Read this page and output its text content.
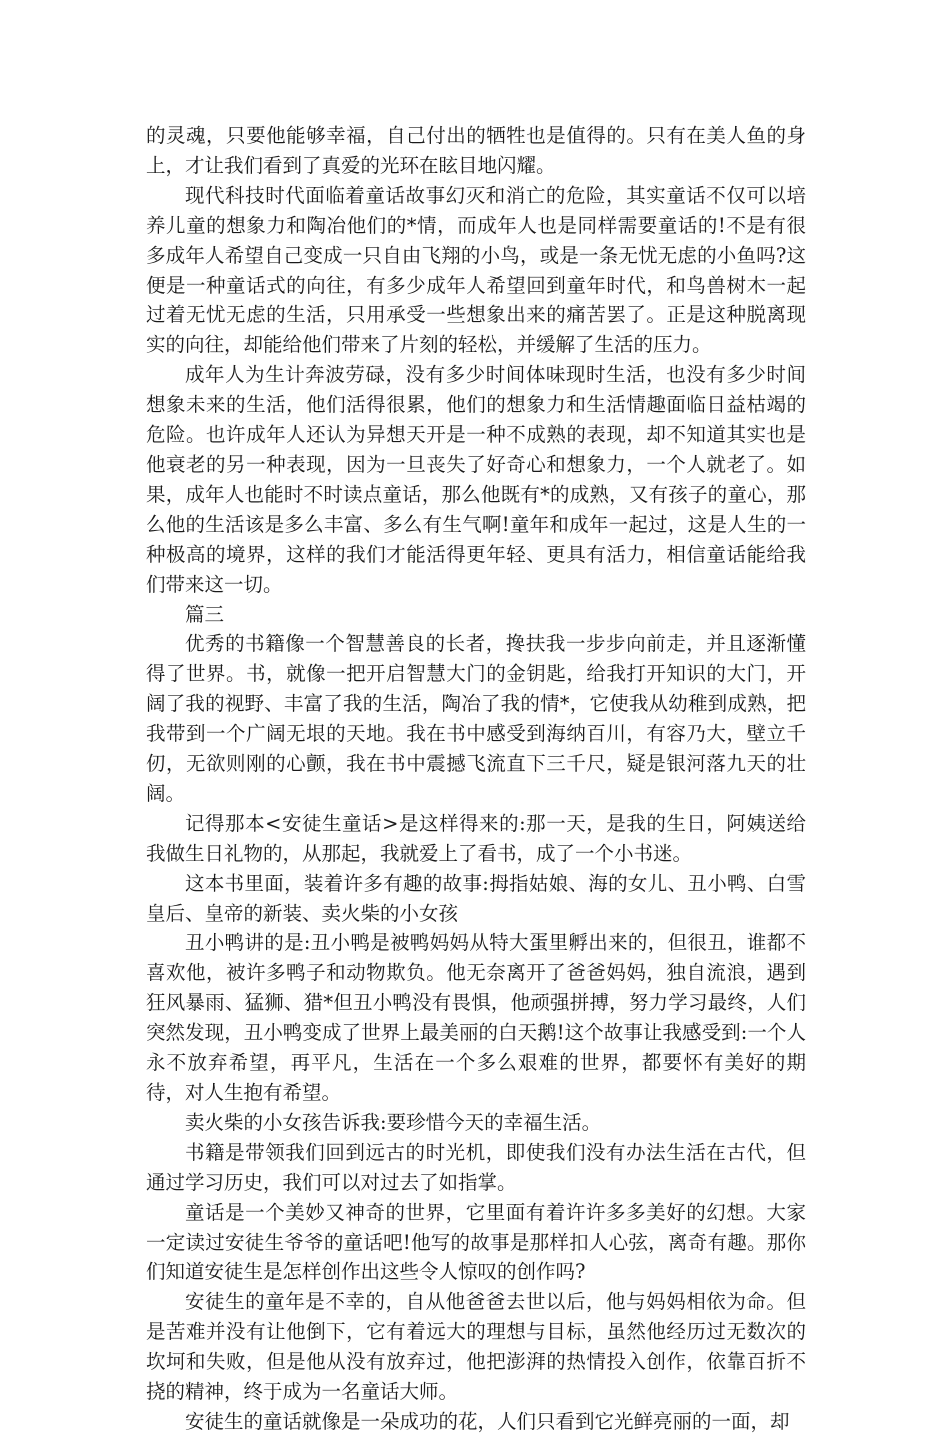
的灵魂，只要他能够幸福，自己付出的牺牲也是值得的。只有在美人鱼的身上，才让我们看到了真爱的光环在眩目地闪耀。

现代科技时代面临着童话故事幻灭和消亡的危险，其实童话不仅可以培养儿童的想象力和陶冶他们的*情，而成年人也是同样需要童话的!不是有很多成年人希望自己变成一只自由飞翔的小鸟，或是一条无忧无虑的小鱼吗?这便是一种童话式的向往，有多少成年人希望回到童年时代，和鸟兽树木一起过着无忧无虑的生活，只用承受一些想象出来的痛苦罢了。正是这种脱离现实的向往，却能给他们带来了片刻的轻松，并缓解了生活的压力。

成年人为生计奔波劳碌，没有多少时间体味现时生活，也没有多少时间想象未来的生活，他们活得很累，他们的想象力和生活情趣面临日益枯竭的危险。也许成年人还认为异想天开是一种不成熟的表现，却不知道其实也是他衰老的另一种表现，因为一旦丧失了好奇心和想象力，一个人就老了。如果，成年人也能时不时读点童话，那么他既有*的成熟，又有孩子的童心，那么他的生活该是多么丰富、多么有生气啊!童年和成年一起过，这是人生的一种极高的境界，这样的我们才能活得更年轻、更具有活力，相信童话能给我们带来这一切。

篇三

优秀的书籍像一个智慧善良的长者，搀扶我一步步向前走，并且逐渐懂得了世界。书，就像一把开启智慧大门的金钥匙，给我打开知识的大门，开阔了我的视野、丰富了我的生活，陶冶了我的情*，它使我从幼稚到成熟，把我带到一个广阔无垠的天地。我在书中感受到海纳百川，有容乃大，壁立千仞，无欲则刚的心颤，我在书中震撼飞流直下三千尺，疑是银河落九天的壮阔。

记得那本<安徒生童话>是这样得来的:那一天，是我的生日，阿姨送给我做生日礼物的，从那起，我就爱上了看书，成了一个小书迷。

这本书里面，装着许多有趣的故事:拇指姑娘、海的女儿、丑小鸭、白雪皇后、皇帝的新装、卖火柴的小女孩

丑小鸭讲的是:丑小鸭是被鸭妈妈从特大蛋里孵出来的，但很丑，谁都不喜欢他，被许多鸭子和动物欺负。他无奈离开了爸爸妈妈，独自流浪，遇到狂风暴雨、猛狮、猎*但丑小鸭没有畏惧，他顽强拼搏，努力学习最终，人们突然发现，丑小鸭变成了世界上最美丽的白天鹅!这个故事让我感受到:一个人永不放弃希望，再平凡，生活在一个多么艰难的世界，都要怀有美好的期待，对人生抱有希望。

卖火柴的小女孩告诉我:要珍惜今天的幸福生活。

书籍是带领我们回到远古的时光机，即使我们没有办法生活在古代，但通过学习历史，我们可以对过去了如指掌。

童话是一个美妙又神奇的世界，它里面有着许许多多美好的幻想。大家一定读过安徒生爷爷的童话吧!他写的故事是那样扣人心弦，离奇有趣。那你们知道安徒生是怎样创作出这些令人惊叹的创作吗?

安徒生的童年是不幸的，自从他爸爸去世以后，他与妈妈相依为命。但是苦难并没有让他倒下，它有着远大的理想与目标，虽然他经历过无数次的坎坷和失败，但是他从没有放弃过，他把澎湃的热情投入创作，依靠百折不挠的精神，终于成为一名童话大师。

安徒生的童话就像是一朵成功的花，人们只看到它光鲜亮丽的一面，却
